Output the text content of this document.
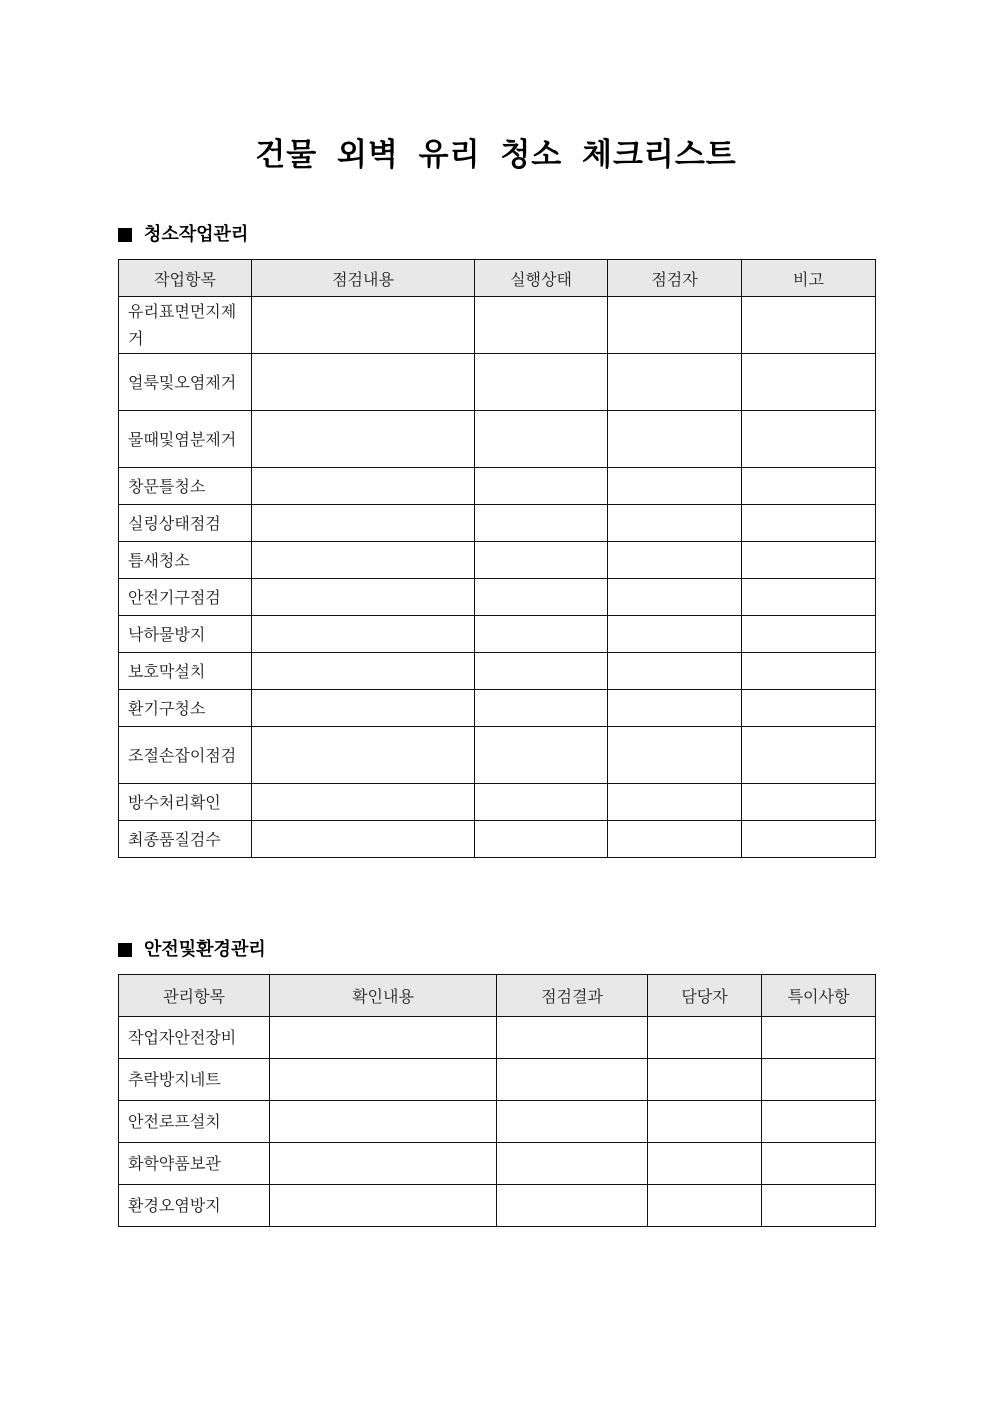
건물 외벽 유리 청소 체크리스트
청소작업관리
작업항목	점검내용	실행상태	점검자	비고
유리표면먼지제거				
얼룩및오염제거				
물때및염분제거				
창문틀청소				
실링상태점검				
틈새청소				
안전기구점검				
낙하물방지				
보호막설치				
환기구청소				
조절손잡이점검				
방수처리확인				
최종품질검수				
안전및환경관리
관리항목	확인내용	점검결과	담당자	특이사항
작업자안전장비				
추락방지네트				
안전로프설치				
화학약품보관				
환경오염방지				
